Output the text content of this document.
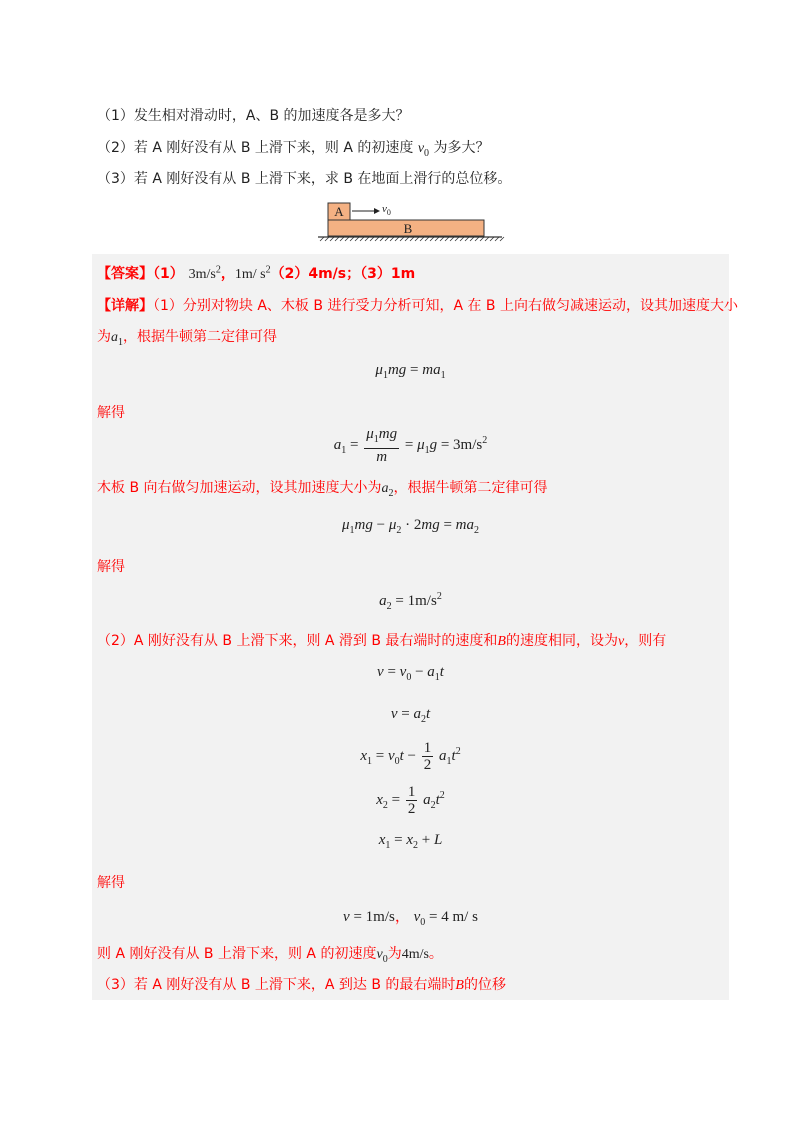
（1）发生相对滑动时，A、B 的加速度各是多大？
（2）若 A 刚好没有从 B 上滑下来，则 A 的初速度 $v_0$ 为多大？
（3）若 A 刚好没有从 B 上滑下来，求 B 在地面上滑行的总位移。
A
B
$v_0$
【答案】（1） $3m/s^2$，1m/ $s^2(2)4m/s$；（3）1m
【详解】（1）分别对物块 A、木板 B 进行受力分析可知，A 在 B 上向右做匀减速运动，设其加速度大小
为$a_1$，根据牛顿第二定律可得
$\mu_1mg = ma_1$
解得
$a_1 = \frac{\mu_1mg}{m} = \mu_1g = 3m/s^2$
木板 B 向右做匀加速运动，设其加速度大小为$a_2$，根据牛顿第二定律可得
$\mu_1mg - \mu_2 \cdot 2mg = ma_2$
解得
$a_2 = 1m/s^2$
（2）A 刚好没有从 B 上滑下来，则 A 滑到 B 最右端时的速度和B的速度相同，设为v，则有
$v = v_0 - a_1t$
$v = a_2t$
$x_1 = v_0t - \frac{1}{2} a_1t^2$
$x_2 = \frac{1}{2} a_2t^2$
$x_1 = x_2 + L$
解得
v = 1m/s， $v_0 = 4$ m/ s
则 A 刚好没有从 B 上滑下来，则 A 的初速度$v_0$为4m/s。
（3）若 A 刚好没有从 B 上滑下来，A 到达 B 的最右端时B的位移
